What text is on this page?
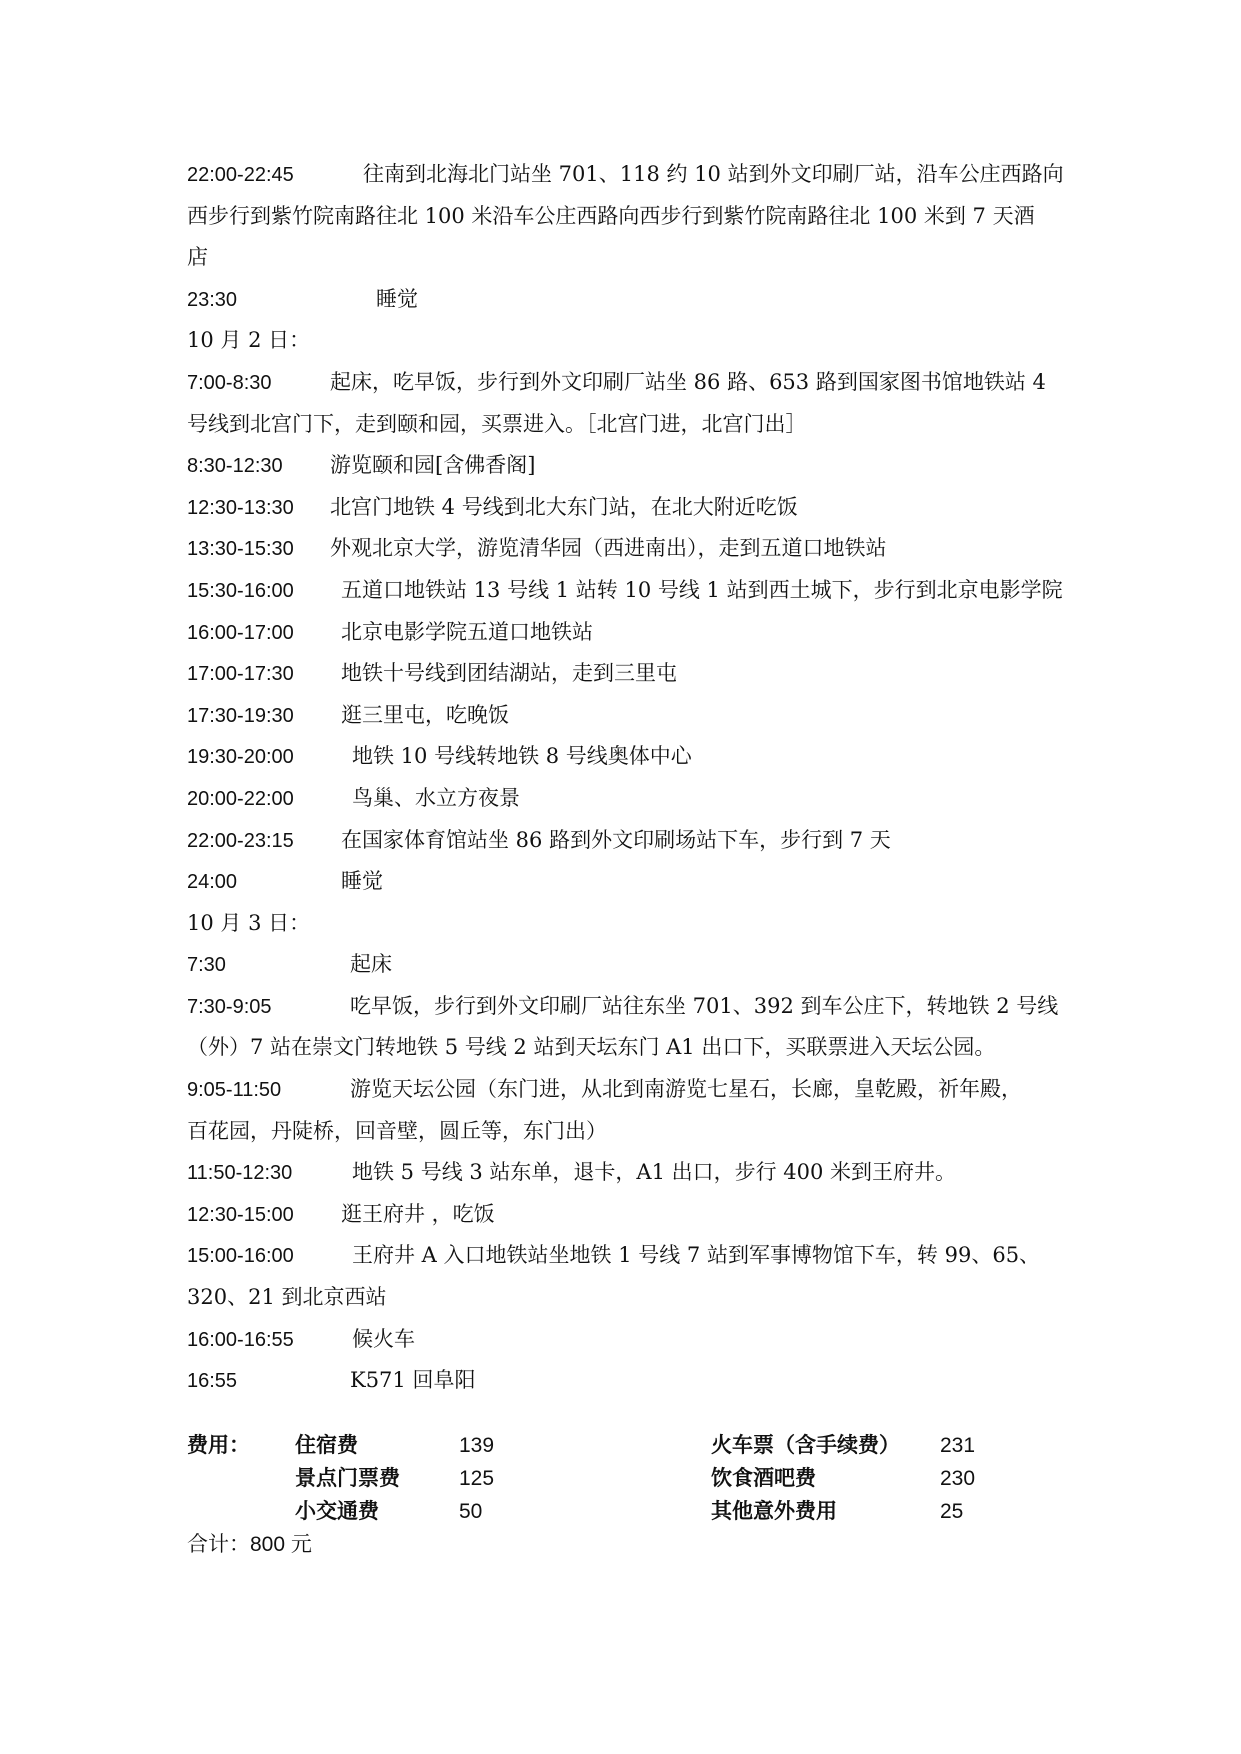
22:00-22:45	往南到北海北门站坐 701、118 约 10 站到外文印刷厂站，沿车公庄西路向
西步行到紫竹院南路往北 100 米沿车公庄西路向西步行到紫竹院南路往北 100 米到 7 天酒
店
23:30	睡觉
10 月 2 日：
7:00-8:30	起床，吃早饭，步行到外文印刷厂站坐 86 路、653 路到国家图书馆地铁站 4
号线到北宫门下，走到颐和园，买票进入。［北宫门进，北宫门出］
8:30-12:30 游览颐和园[含佛香阁]
12:30-13:30 北宫门地铁 4 号线到北大东门站，在北大附近吃饭
13:30-15:30 外观北京大学，游览清华园（西进南出），走到五道口地铁站
15:30-16:00 五道口地铁站 13 号线 1 站转 10 号线 1 站到西土城下，步行到北京电影学院
16:00-17:00 北京电影学院五道口地铁站
17:00-17:30 地铁十号线到团结湖站，走到三里屯
17:30-19:30 逛三里屯，吃晚饭
19:30-20:00	地铁 10 号线转地铁 8 号线奥体中心
20:00-22:00	鸟巢、水立方夜景
22:00-23:15 在国家体育馆站坐 86 路到外文印刷场站下车，步行到 7 天
24:00	睡觉
10 月 3 日：
7:30	起床
7:30-9:05	吃早饭，步行到外文印刷厂站往东坐 701、392 到车公庄下，转地铁 2 号线
（外）7 站在崇文门转地铁 5 号线 2 站到天坛东门 A1 出口下，买联票进入天坛公园。
9:05-11:50	游览天坛公园（东门进，从北到南游览七星石，长廊，皇乾殿，祈年殿，
百花园，丹陡桥，回音壁，圆丘等，东门出）
11:50-12:30	地铁 5 号线 3 站东单，退卡，A1 出口，步行 400 米到王府井。
12:30-15:00 逛王府井 ，吃饭
15:00-16:00	王府井 A 入口地铁站坐地铁 1 号线 7 站到军事博物馆下车，转 99、65、
320、21 到北京西站
16:00-16:55	候火车
16:55	K571 回阜阳
费用： 住宿费	139	火车票（含手续费） 231
景点门票费	125	饮食酒吧费	230
小交通费	50	其他意外费用	25
合计：800 元
